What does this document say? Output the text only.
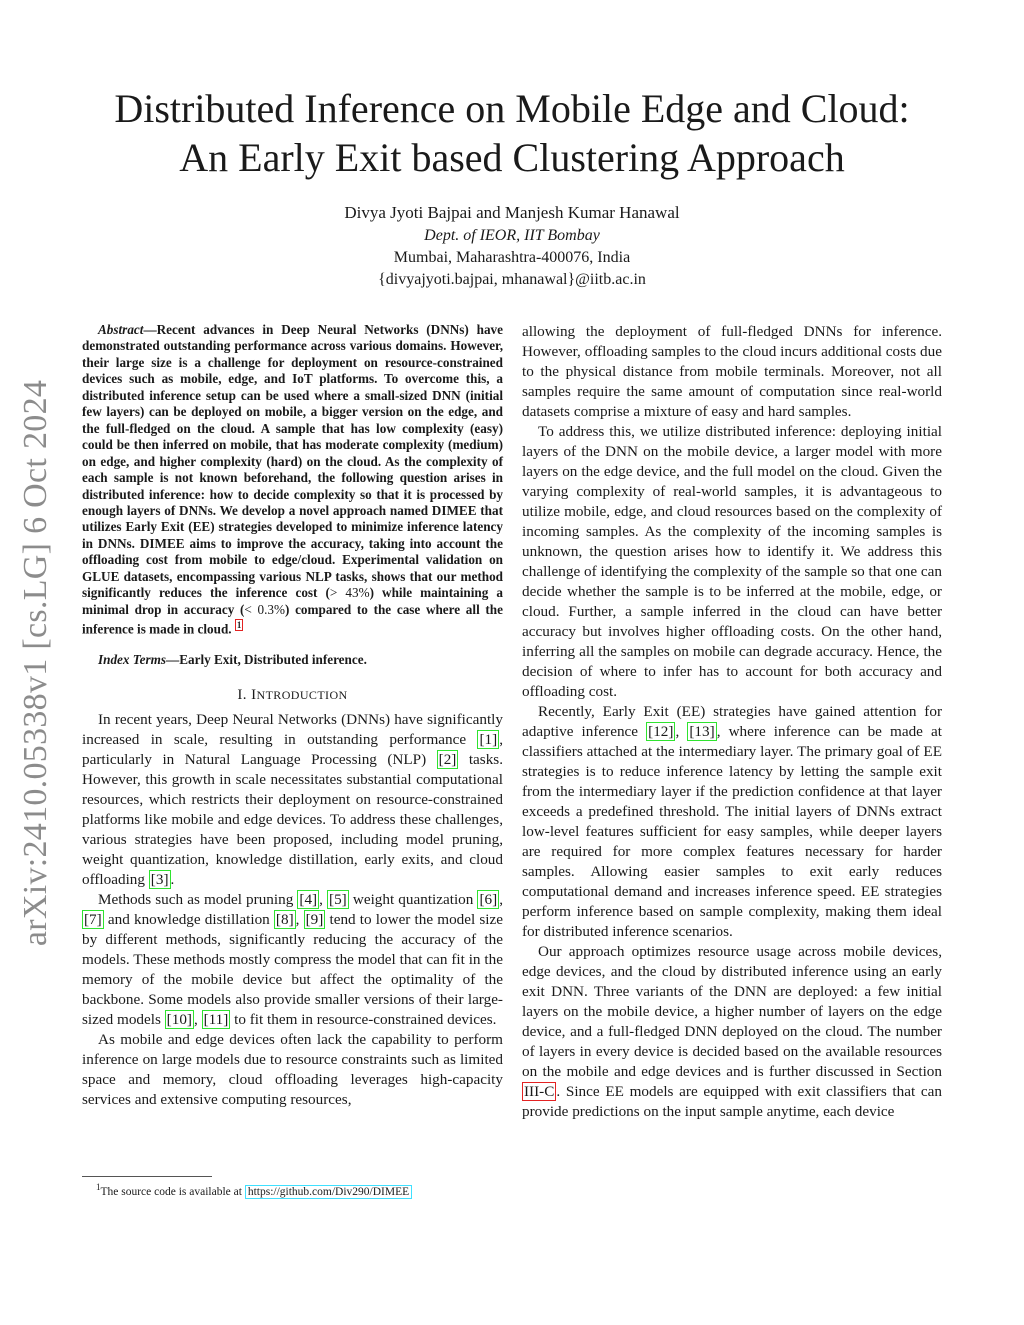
arXiv:2410.05338v1 [cs.LG] 6 Oct 2024
Distributed Inference on Mobile Edge and Cloud:
An Early Exit based Clustering Approach
Divya Jyoti Bajpai and Manjesh Kumar Hanawal
Dept. of IEOR, IIT Bombay
Mumbai, Maharashtra-400076, India
{divyajyoti.bajpai, mhanawal}@iitb.ac.in

Abstract—Recent advances in Deep Neural Networks (DNNs) have demonstrated outstanding performance across various domains. However, their large size is a challenge for deployment on resource-constrained devices such as mobile, edge, and IoT platforms. To overcome this, a distributed inference setup can be used where a small-sized DNN (initial few layers) can be deployed on mobile, a bigger version on the edge, and the full-fledged on the cloud. A sample that has low complexity (easy) could be then inferred on mobile, that has moderate complexity (medium) on edge, and higher complexity (hard) on the cloud. As the complexity of each sample is not known beforehand, the following question arises in distributed inference: how to decide complexity so that it is processed by enough layers of DNNs. We develop a novel approach named DIMEE that utilizes Early Exit (EE) strategies developed to minimize inference latency in DNNs. DIMEE aims to improve the accuracy, taking into account the offloading cost from mobile to edge/cloud. Experimental validation on GLUE datasets, encompassing various NLP tasks, shows that our method significantly reduces the inference cost (> 43%) while maintaining a minimal drop in accuracy (< 0.3%) compared to the case where all the inference is made in cloud. $^1$

Index Terms—Early Exit, Distributed inference.

I. INTRODUCTION

In recent years, Deep Neural Networks (DNNs) have significantly increased in scale, resulting in outstanding performance [1] , particularly in Natural Language Processing (NLP) [2] tasks. However, this growth in scale necessitates substantial computational resources, which restricts their deployment on resource-constrained platforms like mobile and edge devices. To address these challenges, various strategies have been proposed, including model pruning, weight quantization, knowledge distillation, early exits, and cloud offloading [3] .

Methods such as model pruning [4] , [5] weight quantization [6] , [7] and knowledge distillation [8] , [9] tend to lower the model size by different methods, significantly reducing the accuracy of the models. These methods mostly compress the model that can fit in the memory of the mobile device but affect the optimality of the backbone. Some models also provide smaller versions of their large-sized models [10] , [11] to fit them in resource-constrained devices.

As mobile and edge devices often lack the capability to perform inference on large models due to resource constraints such as limited space and memory, cloud offloading leverages high-capacity services and extensive computing resources,

$^1$The source code is available at https://github.com/Div290/DIMEE

allowing the deployment of full-fledged DNNs for inference. However, offloading samples to the cloud incurs additional costs due to the physical distance from mobile terminals. Moreover, not all samples require the same amount of computation since real-world datasets comprise a mixture of easy and hard samples.

To address this, we utilize distributed inference: deploying initial layers of the DNN on the mobile device, a larger model with more layers on the edge device, and the full model on the cloud. Given the varying complexity of real-world samples, it is advantageous to utilize mobile, edge, and cloud resources based on the complexity of incoming samples. As the complexity of the incoming samples is unknown, the question arises how to identify it. We address this challenge of identifying the complexity of the sample so that one can decide whether the sample is to be inferred at the mobile, edge, or cloud. Further, a sample inferred in the cloud can have better accuracy but involves higher offloading costs. On the other hand, inferring all the samples on mobile can degrade accuracy. Hence, the decision of where to infer has to account for both accuracy and offloading cost.

Recently, Early Exit (EE) strategies have gained attention for adaptive inference [12] , [13] , where inference can be made at classifiers attached at the intermediary layer. The primary goal of EE strategies is to reduce inference latency by letting the sample exit from the intermediary layer if the prediction confidence at that layer exceeds a predefined threshold. The initial layers of DNNs extract low-level features sufficient for easy samples, while deeper layers are required for more complex features necessary for harder samples. Allowing easier samples to exit early reduces computational demand and increases inference speed. EE strategies perform inference based on sample complexity, making them ideal for distributed inference scenarios.

Our approach optimizes resource usage across mobile devices, edge devices, and the cloud by distributed inference using an early exit DNN. Three variants of the DNN are deployed: a few initial layers on the mobile device, a higher number of layers on the edge device, and a full-fledged DNN deployed on the cloud. The number of layers in every device is decided based on the available resources on the mobile and edge devices and is further discussed in Section III-C . Since EE models are equipped with exit classifiers that can provide predictions on the input sample anytime, each device
